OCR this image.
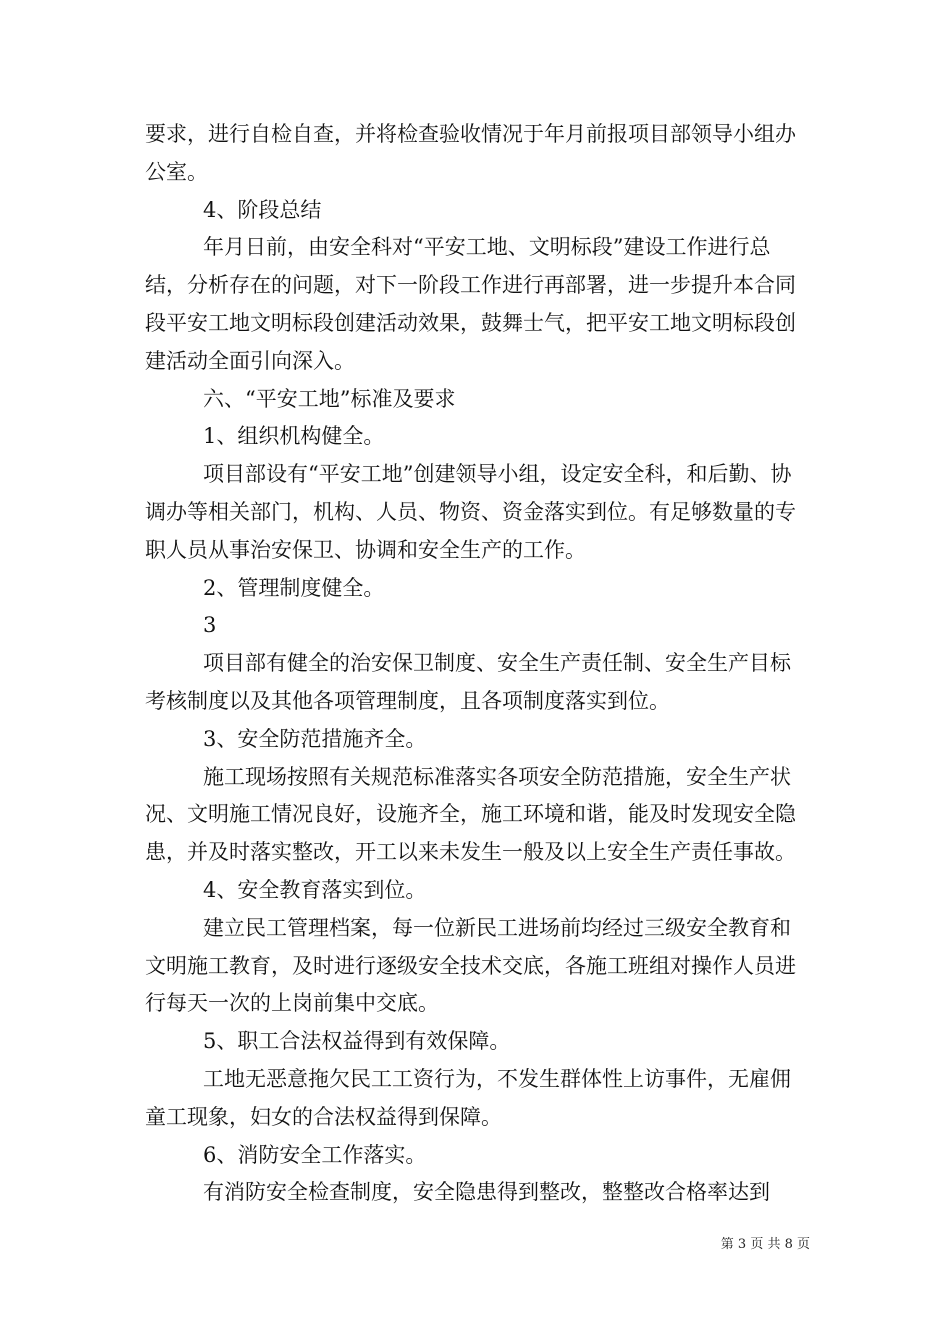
要求，进行自检自查，并将检查验收情况于年月前报项目部领导小组办公室。

4、阶段总结

年月日前，由安全科对“平安工地、文明标段”建设工作进行总结，分析存在的问题，对下一阶段工作进行再部署，进一步提升本合同段平安工地文明标段创建活动效果，鼓舞士气，把平安工地文明标段创建活动全面引向深入。

六、“平安工地”标准及要求

1、组织机构健全。

项目部设有“平安工地”创建领导小组，设定安全科，和后勤、协调办等相关部门，机构、人员、物资、资金落实到位。有足够数量的专职人员从事治安保卫、协调和安全生产的工作。

2、管理制度健全。

3

项目部有健全的治安保卫制度、安全生产责任制、安全生产目标考核制度以及其他各项管理制度，且各项制度落实到位。

3、安全防范措施齐全。

施工现场按照有关规范标准落实各项安全防范措施，安全生产状况、文明施工情况良好，设施齐全，施工环境和谐，能及时发现安全隐患，并及时落实整改，开工以来未发生一般及以上安全生产责任事故。

4、安全教育落实到位。

建立民工管理档案，每一位新民工进场前均经过三级安全教育和文明施工教育，及时进行逐级安全技术交底，各施工班组对操作人员进行每天一次的上岗前集中交底。

5、职工合法权益得到有效保障。

工地无恶意拖欠民工工资行为，不发生群体性上访事件，无雇佣童工现象，妇女的合法权益得到保障。

6、消防安全工作落实。

有消防安全检查制度，安全隐患得到整改，整整改合格率达到

第 3 页 共 8 页
